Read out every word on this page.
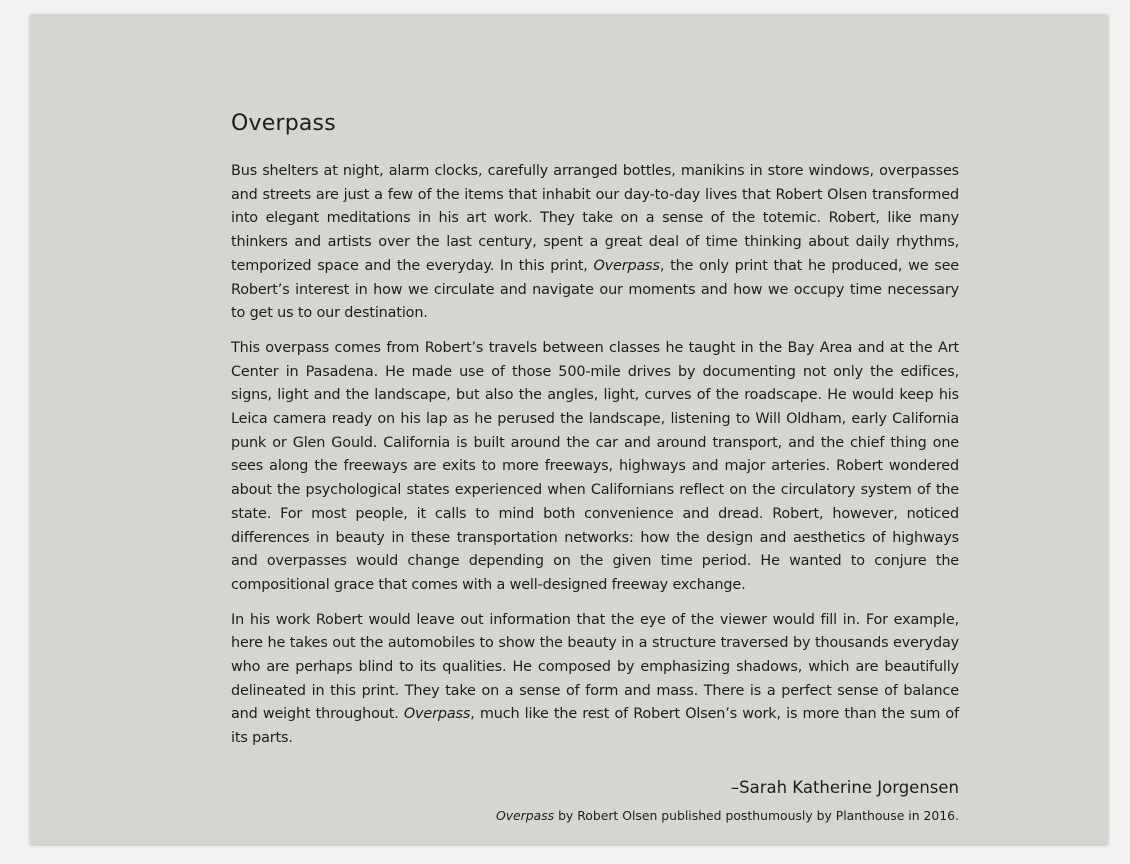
Overpass

Bus shelters at night, alarm clocks, carefully arranged bottles, manikins in store windows, overpasses and streets are just a few of the items that inhabit our day-to-day lives that Robert Olsen transformed into elegant meditations in his art work. They take on a sense of the totemic. Robert, like many thinkers and artists over the last century, spent a great deal of time thinking about daily rhythms, temporized space and the everyday. In this print, Overpass, the only print that he produced, we see Robert’s interest in how we circulate and navigate our moments and how we occupy time necessary to get us to our destination.

This overpass comes from Robert’s travels between classes he taught in the Bay Area and at the Art Center in Pasadena. He made use of those 500-mile drives by documenting not only the edifices, signs, light and the landscape, but also the angles, light, curves of the roadscape. He would keep his Leica camera ready on his lap as he perused the landscape, listening to Will Oldham, early California punk or Glen Gould. California is built around the car and around transport, and the chief thing one sees along the freeways are exits to more freeways, highways and major arteries. Robert wondered about the psychological states experienced when Californians reflect on the circulatory system of the state. For most people, it calls to mind both convenience and dread. Robert, however, noticed differences in beauty in these transportation networks: how the design and aesthetics of highways and overpasses would change depending on the given time period. He wanted to conjure the compositional grace that comes with a well-designed freeway exchange.

In his work Robert would leave out information that the eye of the viewer would fill in. For example, here he takes out the automobiles to show the beauty in a structure traversed by thousands everyday who are perhaps blind to its qualities. He composed by emphasizing shadows, which are beautifully delineated in this print. They take on a sense of form and mass. There is a perfect sense of balance and weight throughout. Overpass, much like the rest of Robert Olsen’s work, is more than the sum of its parts.

–Sarah Katherine Jorgensen
Overpass by Robert Olsen published posthumously by Planthouse in 2016.
